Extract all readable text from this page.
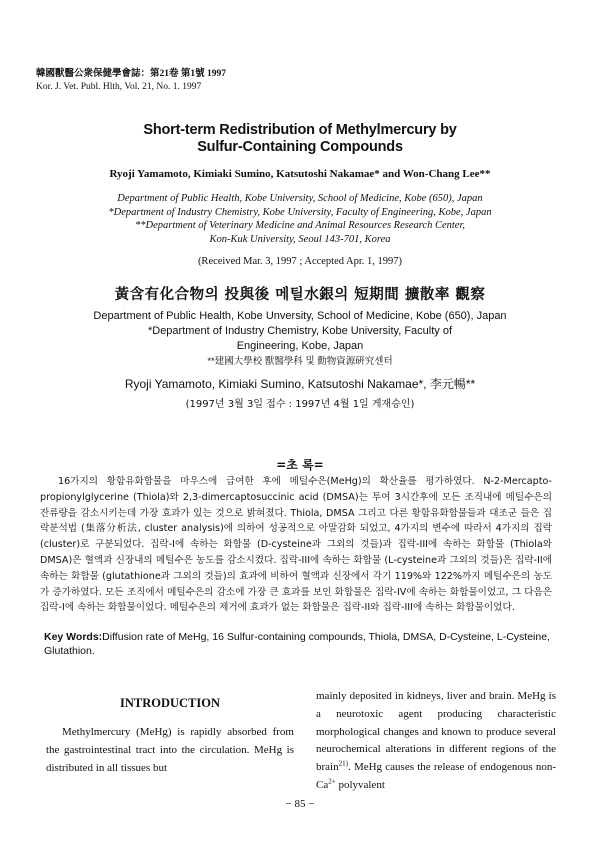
韓國獸醫公衆保健學會誌：第21卷 第1號 1997
Kor. J. Vet. Publ. Hlth, Vol. 21, No. 1. 1997
Short-term Redistribution of Methylmercury by
Sulfur-Containing Compounds
Ryoji Yamamoto, Kimiaki Sumino, Katsutoshi Nakamae* and Won-Chang Lee**
Department of Public Health, Kobe University, School of Medicine, Kobe (650), Japan
*Department of Industry Chemistry, Kobe University, Faculty of Engineering, Kobe, Japan
**Department of Veterinary Medicine and Animal Resources Research Center,
Kon-Kuk University, Seoul 143-701, Korea
(Received Mar. 3, 1997 ; Accepted Apr. 1, 1997)
黃含有化合物의 投與後 메틸水銀의 短期間 擴散率 觀察
Department of Public Health, Kobe Unversity, School of Medicine, Kobe (650), Japan
*Department of Industry Chemistry, Kobe University, Faculty of
Engineering, Kobe, Japan
**建國大學校 獸醫學科 및 動物資源硏究센터
Ryoji Yamamoto, Kimiaki Sumino, Katsutoshi Nakamae*, 李元暢**
(1997년 3월 3일 접수 : 1997년 4월 1일 게재승인)
=초 록=

16가지의 황함유화합물을 마우스에 급여한 후에 메틸수은(MeHg)의 확산율를 평가하였다. N-2-Mercapto-propionylglycerine (Thiola)와 2,3-dimercaptosuccinic acid (DMSA)는 투여 3시간후에 모든 조직내에 메틸수은의 잔류량을 감소시키는데 가장 효과가 있는 것으로 밝혀졌다. Thiola, DMSA 그리고 다른 황함유화합물들과 대조군 들은 집락분석법 (集落分析法, cluster analysis)에 의하여 성공적으로 아말감화 되었고, 4가지의 변수에 따라서 4가지의 집락(cluster)로 구분되었다. 집락-I에 속하는 화합물 (D-cysteine과 그외의 것들)과 집락-III에 속하는 화합물 (Thiola와 DMSA)은 혈액과 신장내의 메틸수은 농도를 감소시켰다. 집락-III에 속하는 화합물 (L-cysteine과 그외의 것들)은 집락-II에 속하는 화합물 (glutathione과 그외의 것들)의 효과에 비하여 혈액과 신장에서 각기 119%와 122%까지 메틸수은의 농도가 증가하였다. 모든 조직에서 메틸수은의 감소에 가장 큰 효과를 보인 화합물은 집락-IV에 속하는 화합물이었고, 그 다음은 집락-I에 속하는 화합물이었다. 메틸수은의 제거에 효과가 없는 화합물은 집락-II와 집락-III에 속하는 화합물이었다.

Key Words:Diffusion rate of MeHg, 16 Sulfur-containing compounds, Thiola, DMSA, D-Cysteine, L-Cysteine, Glutathion.
INTRODUCTION

Methylmercury (MeHg) is rapidly absorbed from the gastrointestinal tract into the circulation. MeHg is distributed in all tissues but

mainly deposited in kidneys, liver and brain. MeHg is a neurotoxic agent producing characteristic morphological changes and known to produce several neurochemical alterations in different regions of the brain$^{21)}$. MeHg causes the release of endogenous non-$Ca^{2+}$ polyvalent

− 85 −
